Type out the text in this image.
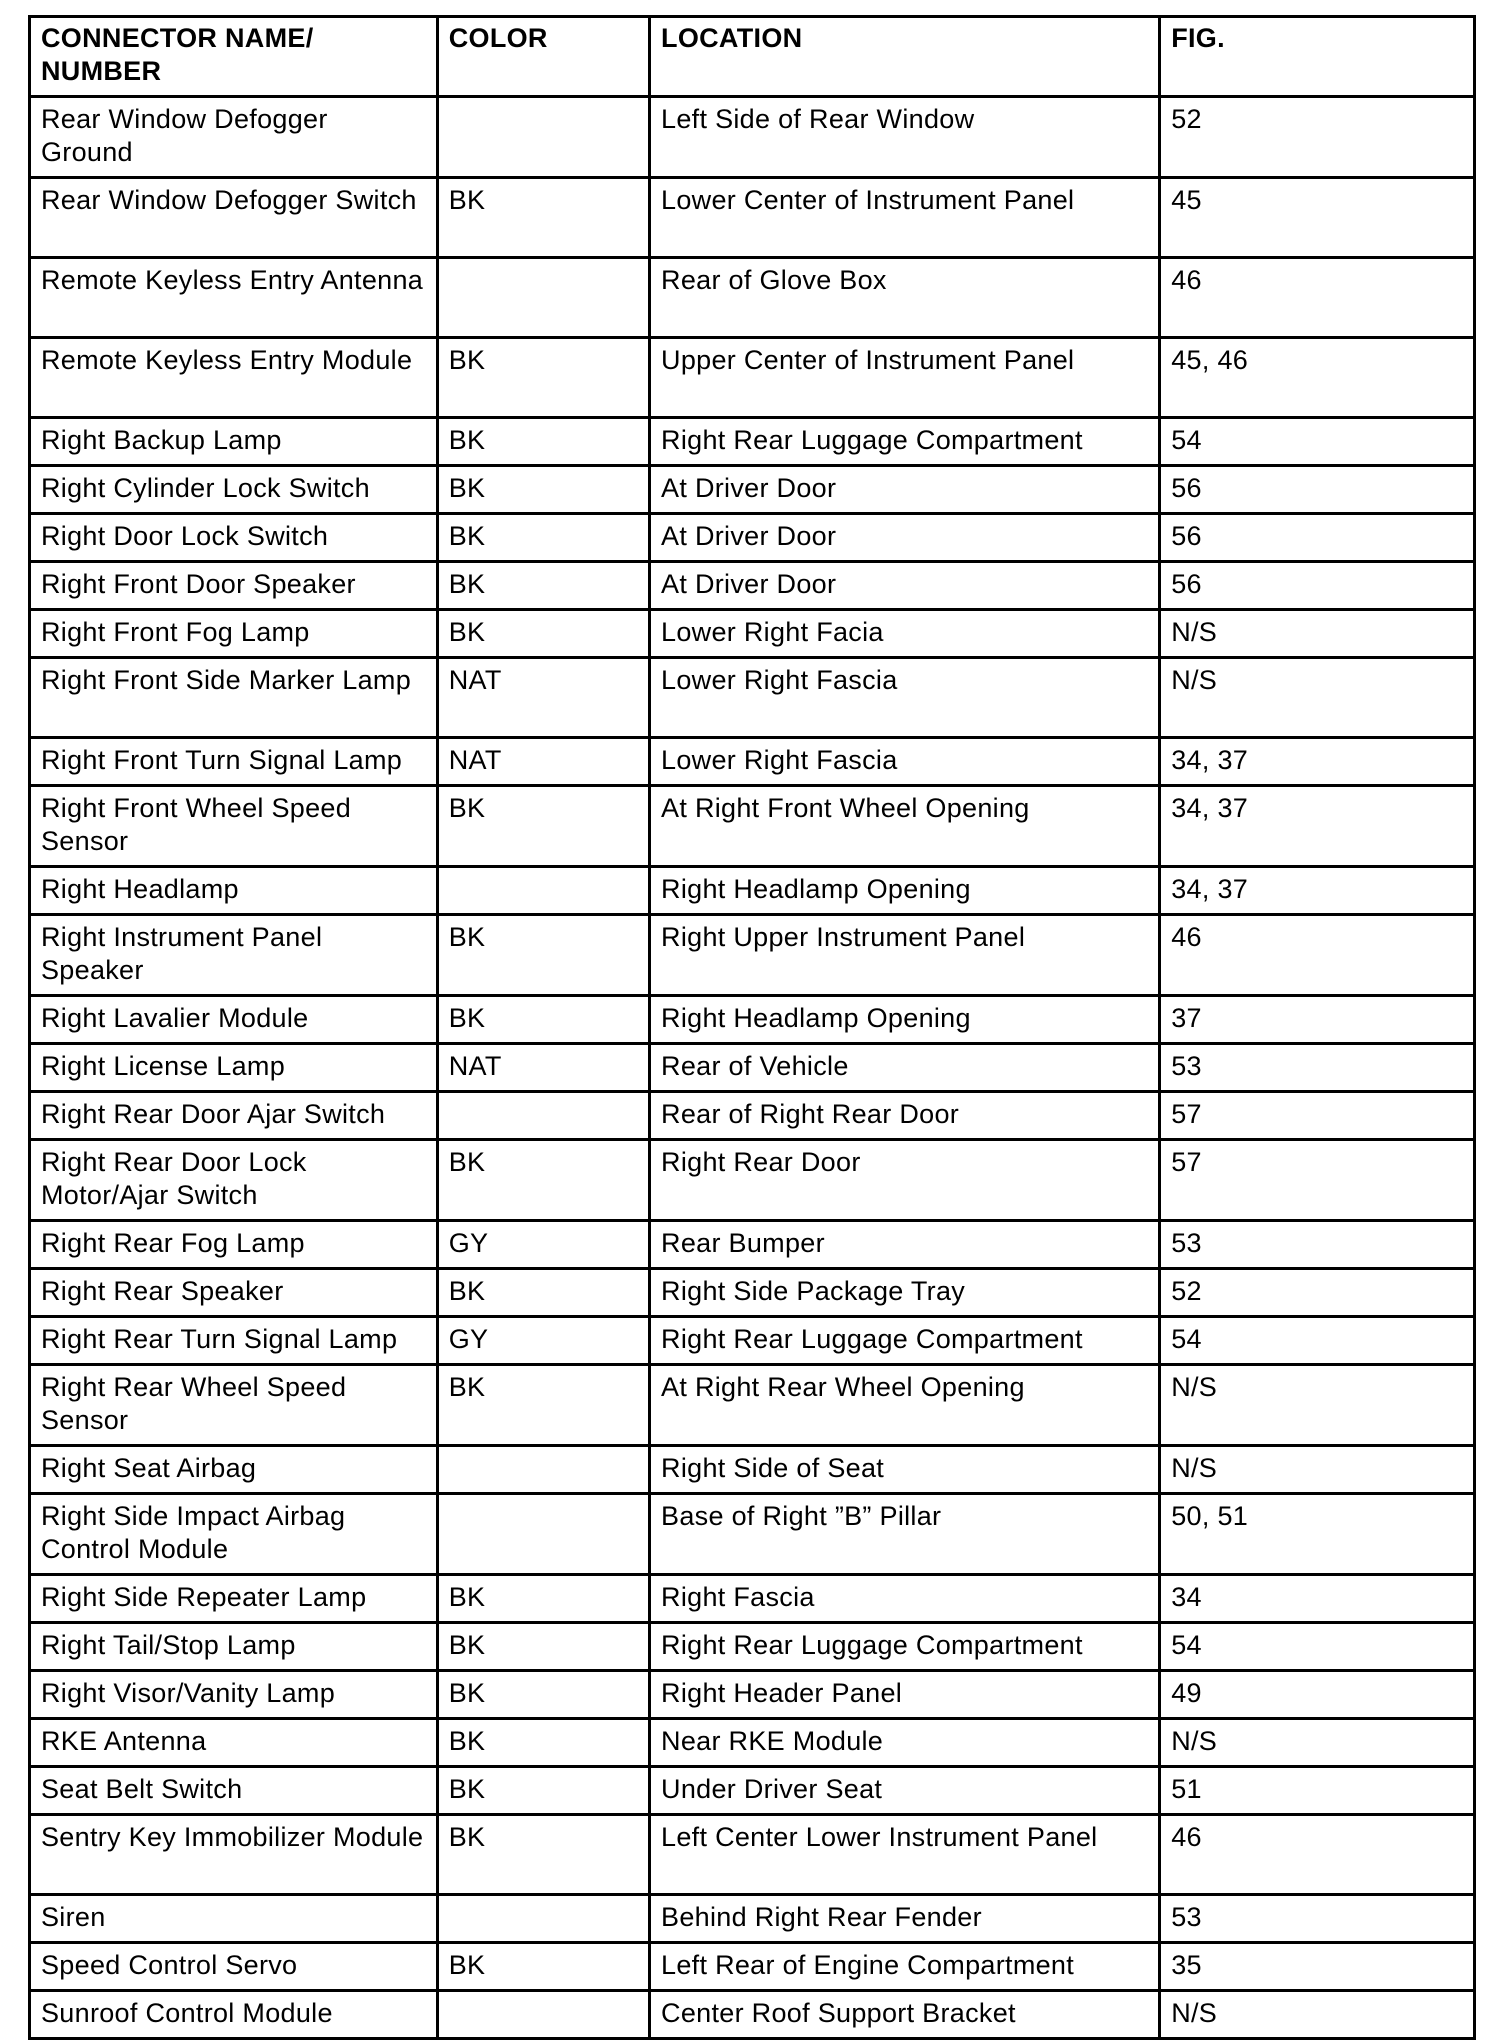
CONNECTOR NAME/ NUMBER	COLOR	LOCATION	FIG.
Rear Window Defogger Ground		Left Side of Rear Window	52
Rear Window Defogger Switch	BK	Lower Center of Instrument Panel	45
Remote Keyless Entry Antenna		Rear of Glove Box	46
Remote Keyless Entry Module	BK	Upper Center of Instrument Panel	45, 46
Right Backup Lamp	BK	Right Rear Luggage Compartment	54
Right Cylinder Lock Switch	BK	At Driver Door	56
Right Door Lock Switch	BK	At Driver Door	56
Right Front Door Speaker	BK	At Driver Door	56
Right Front Fog Lamp	BK	Lower Right Facia	N/S
Right Front Side Marker Lamp	NAT	Lower Right Fascia	N/S
Right Front Turn Signal Lamp	NAT	Lower Right Fascia	34, 37
Right Front Wheel Speed Sensor	BK	At Right Front Wheel Opening	34, 37
Right Headlamp		Right Headlamp Opening	34, 37
Right Instrument Panel Speaker	BK	Right Upper Instrument Panel	46
Right Lavalier Module	BK	Right Headlamp Opening	37
Right License Lamp	NAT	Rear of Vehicle	53
Right Rear Door Ajar Switch		Rear of Right Rear Door	57
Right Rear Door Lock Motor/Ajar Switch	BK	Right Rear Door	57
Right Rear Fog Lamp	GY	Rear Bumper	53
Right Rear Speaker	BK	Right Side Package Tray	52
Right Rear Turn Signal Lamp	GY	Right Rear Luggage Compartment	54
Right Rear Wheel Speed Sensor	BK	At Right Rear Wheel Opening	N/S
Right Seat Airbag		Right Side of Seat	N/S
Right Side Impact Airbag Control Module		Base of Right ”B” Pillar	50, 51
Right Side Repeater Lamp	BK	Right Fascia	34
Right Tail/Stop Lamp	BK	Right Rear Luggage Compartment	54
Right Visor/Vanity Lamp	BK	Right Header Panel	49
RKE Antenna	BK	Near RKE Module	N/S
Seat Belt Switch	BK	Under Driver Seat	51
Sentry Key Immobilizer Module	BK	Left Center Lower Instrument Panel	46
Siren		Behind Right Rear Fender	53
Speed Control Servo	BK	Left Rear of Engine Compartment	35
Sunroof Control Module		Center Roof Support Bracket	N/S
